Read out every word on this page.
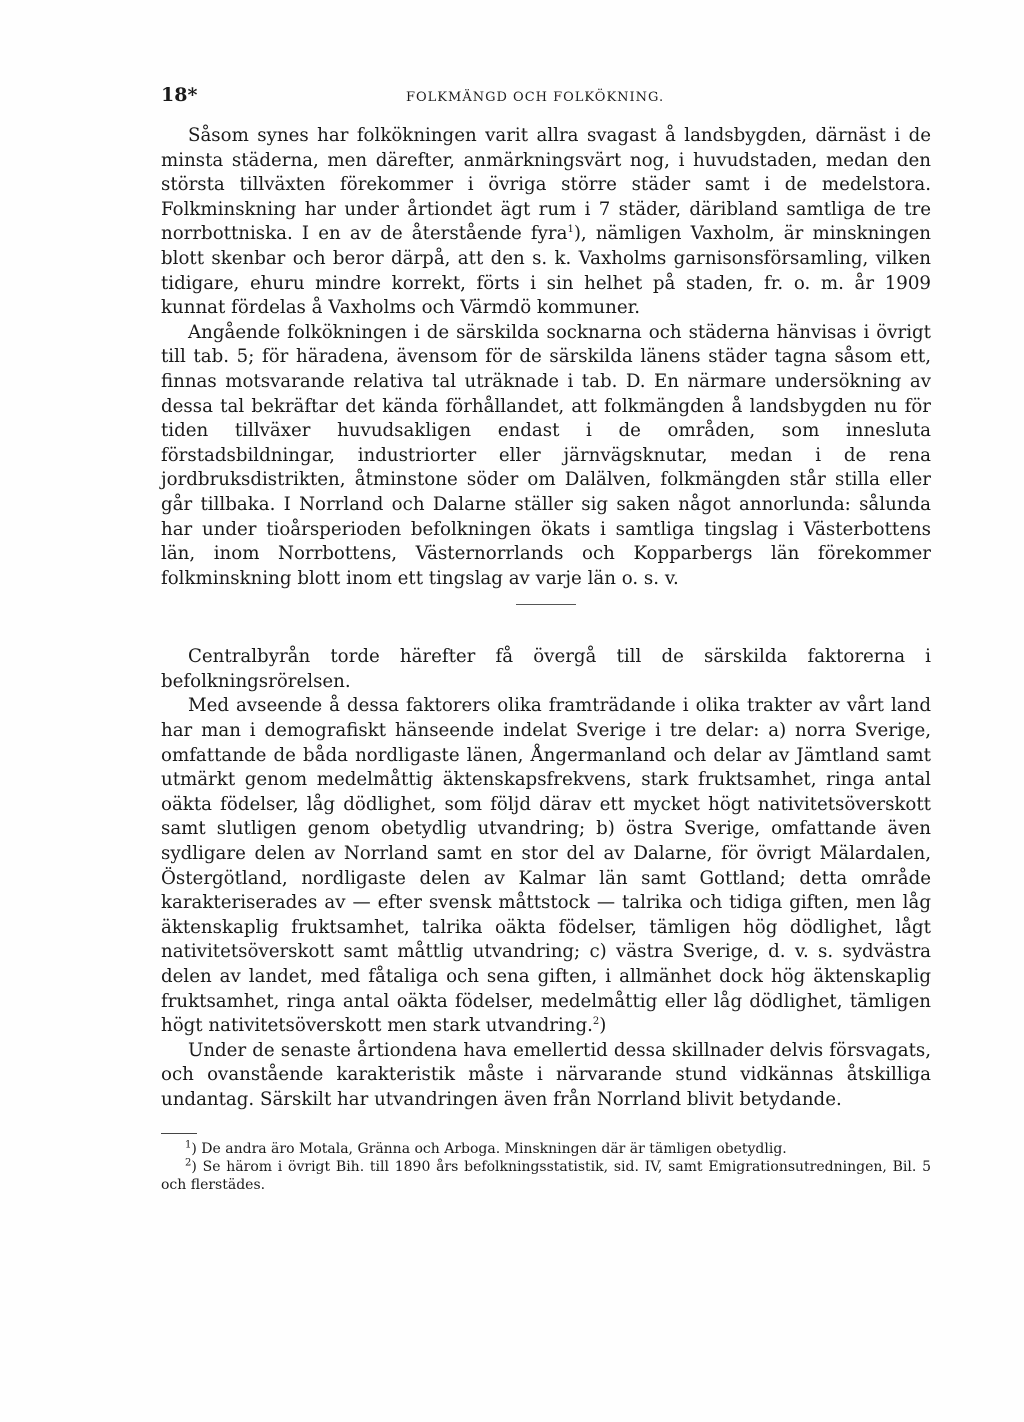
18*	FOLKMÄNGD OCH FOLKÖKNING.

Såsom synes har folkökningen varit allra svagast å landsbygden, därnäst i de minsta städerna, men därefter, anmärkningsvärt nog, i huvudstaden, medan den största tillväxten förekommer i övriga större städer samt i de medelstora. Folkminskning har under årtiondet ägt rum i 7 städer, däribland samtliga de tre norrbottniska. I en av de återstående fyra$^1$), nämligen Vaxholm, är minskningen blott skenbar och beror därpå, att den s. k. Vaxholms garnisonsförsamling, vilken tidigare, ehuru mindre korrekt, förts i sin helhet på staden, fr. o. m. år 1909 kunnat fördelas å Vaxholms och Värmdö kommuner.

Angående folkökningen i de särskilda socknarna och städerna hänvisas i övrigt till tab. 5; för häradena, ävensom för de särskilda länens städer tagna såsom ett, finnas motsvarande relativa tal uträknade i tab. D. En närmare undersökning av dessa tal bekräftar det kända förhållandet, att folkmängden å landsbygden nu för tiden tillväxer huvudsakligen endast i de områden, som innesluta förstadsbildningar, industriorter eller järnvägsknutar, medan i de rena jordbruksdistrikten, åtminstone söder om Dalälven, folkmängden står stilla eller går tillbaka. I Norrland och Dalarne ställer sig saken något annorlunda: sålunda har under tioårsperioden befolkningen ökats i samtliga tingslag i Västerbottens län, inom Norrbottens, Västernorrlands och Kopparbergs län förekommer folkminskning blott inom ett tingslag av varje län o. s. v.

Centralbyrån torde härefter få övergå till de särskilda faktorerna i befolkningsrörelsen.

Med avseende å dessa faktorers olika framträdande i olika trakter av vårt land har man i demografiskt hänseende indelat Sverige i tre delar: a) norra Sverige, omfattande de båda nordligaste länen, Ångermanland och delar av Jämtland samt utmärkt genom medelmåttig äktenskapsfrekvens, stark fruktsamhet, ringa antal oäkta födelser, låg dödlighet, som följd därav ett mycket högt nativitetsöverskott samt slutligen genom obetydlig utvandring; b) östra Sverige, omfattande även sydligare delen av Norrland samt en stor del av Dalarne, för övrigt Mälardalen, Östergötland, nordligaste delen av Kalmar län samt Gottland; detta område karakteriserades av — efter svensk måttstock — talrika och tidiga giften, men låg äktenskaplig fruktsamhet, talrika oäkta födelser, tämligen hög dödlighet, lågt nativitetsöverskott samt måttlig utvandring; c) västra Sverige, d. v. s. sydvästra delen av landet, med fåtaliga och sena giften, i allmänhet dock hög äktenskaplig fruktsamhet, ringa antal oäkta födelser, medelmåttig eller låg dödlighet, tämligen högt nativitetsöverskott men stark utvandring.$^2$)

Under de senaste årtiondena hava emellertid dessa skillnader delvis försvagats, och ovanstående karakteristik måste i närvarande stund vidkännas åtskilliga undantag. Särskilt har utvandringen även från Norrland blivit betydande.

$^1$) De andra äro Motala, Gränna och Arboga. Minskningen där är tämligen obetydlig.

$^2$) Se härom i övrigt Bih. till 1890 års befolkningsstatistik, sid. IV, samt Emigrationsutredningen, Bil. 5 och flerstädes.
